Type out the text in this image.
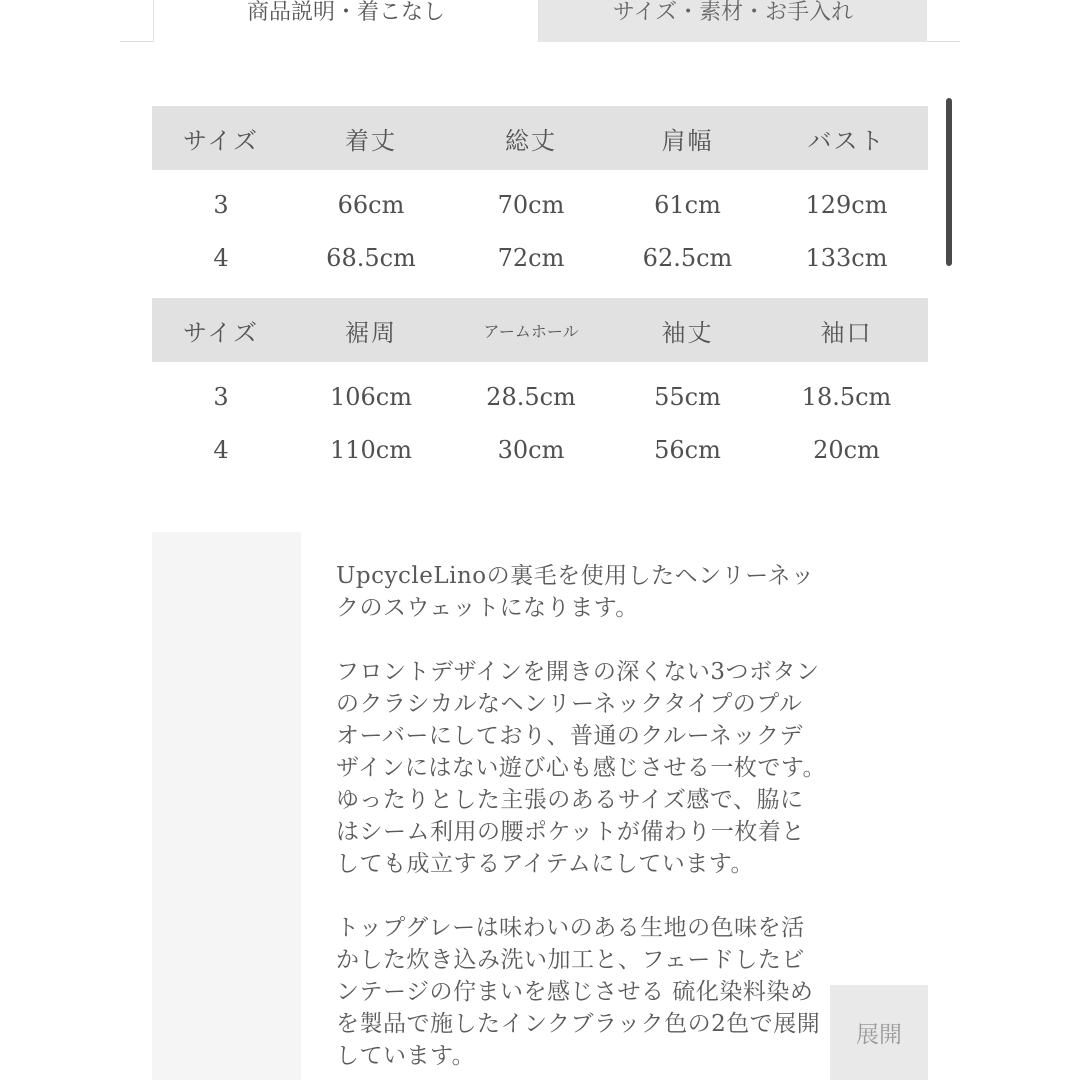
商品説明・着こなし	サイズ・素材・お手入れ
サイズ	着丈	総丈	肩幅	バスト
3	66cm	70cm	61cm	129cm
4	68.5cm	72cm	62.5cm	133cm
サイズ	裾周	アームホール	袖丈	袖口
3	106cm	28.5cm	55cm	18.5cm
4	110cm	30cm	56cm	20cm

UpcycleLinoの裏毛を使用したヘンリーネッ
クのスウェットになります。

フロントデザインを開きの深くない3つボタン
のクラシカルなヘンリーネックタイプのプル
オーバーにしており、普通のクルーネックデ
ザインにはない遊び心も感じさせる一枚です。
ゆったりとした主張のあるサイズ感で、脇に
はシーム利用の腰ポケットが備わり一枚着と
しても成立するアイテムにしています。

トップグレーは味わいのある生地の色味を活
かした炊き込み洗い加工と、フェードしたビ
ンテージの佇まいを感じさせる 硫化染料染め
を製品で施したインクブラック色の2色で展開
しています。

展開
